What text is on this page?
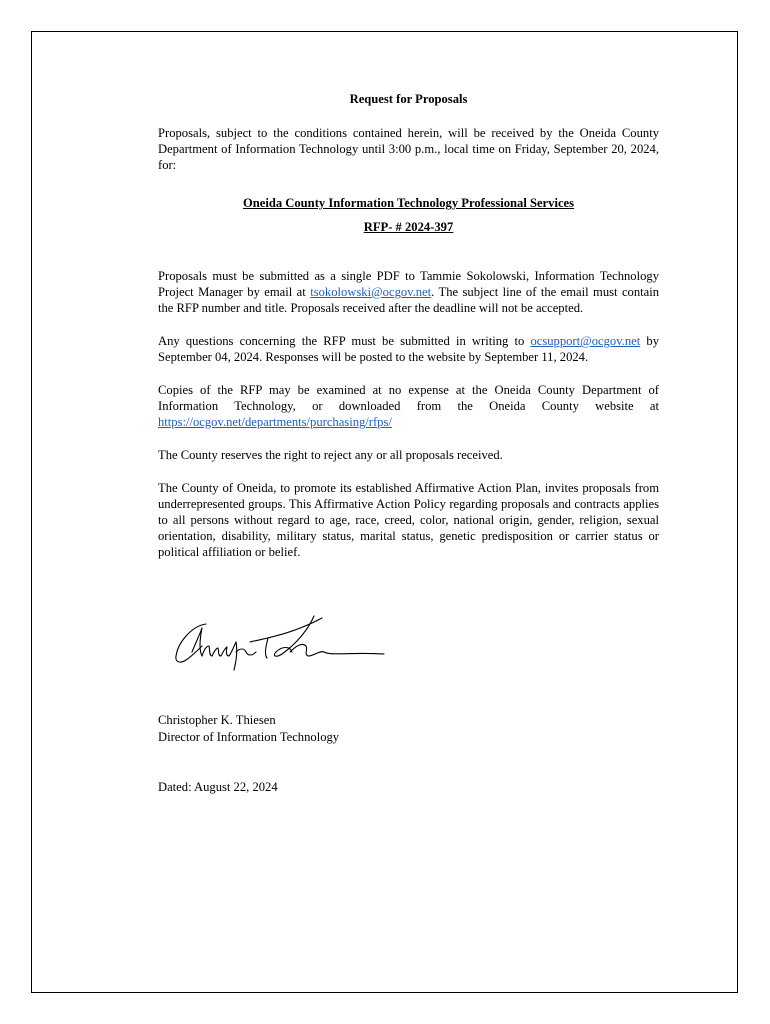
Request for Proposals

Proposals, subject to the conditions contained herein, will be received by the Oneida County Department of Information Technology until 3:00 p.m., local time on Friday, September 20, 2024, for:

Oneida County Information Technology Professional Services
RFP- # 2024-397

Proposals must be submitted as a single PDF to Tammie Sokolowski, Information Technology Project Manager by email at tsokolowski@ocgov.net. The subject line of the email must contain the RFP number and title. Proposals received after the deadline will not be accepted.

Any questions concerning the RFP must be submitted in writing to ocsupport@ocgov.net by September 04, 2024. Responses will be posted to the website by September 11, 2024.

Copies of the RFP may be examined at no expense at the Oneida County Department of Information Technology, or downloaded from the Oneida County website at https://ocgov.net/departments/purchasing/rfps/

The County reserves the right to reject any or all proposals received.

The County of Oneida, to promote its established Affirmative Action Plan, invites proposals from underrepresented groups. This Affirmative Action Policy regarding proposals and contracts applies to all persons without regard to age, race, creed, color, national origin, gender, religion, sexual orientation, disability, military status, marital status, genetic predisposition or carrier status or political affiliation or belief.

Christopher K. Thiesen
Director of Information Technology
Dated: August 22, 2024
